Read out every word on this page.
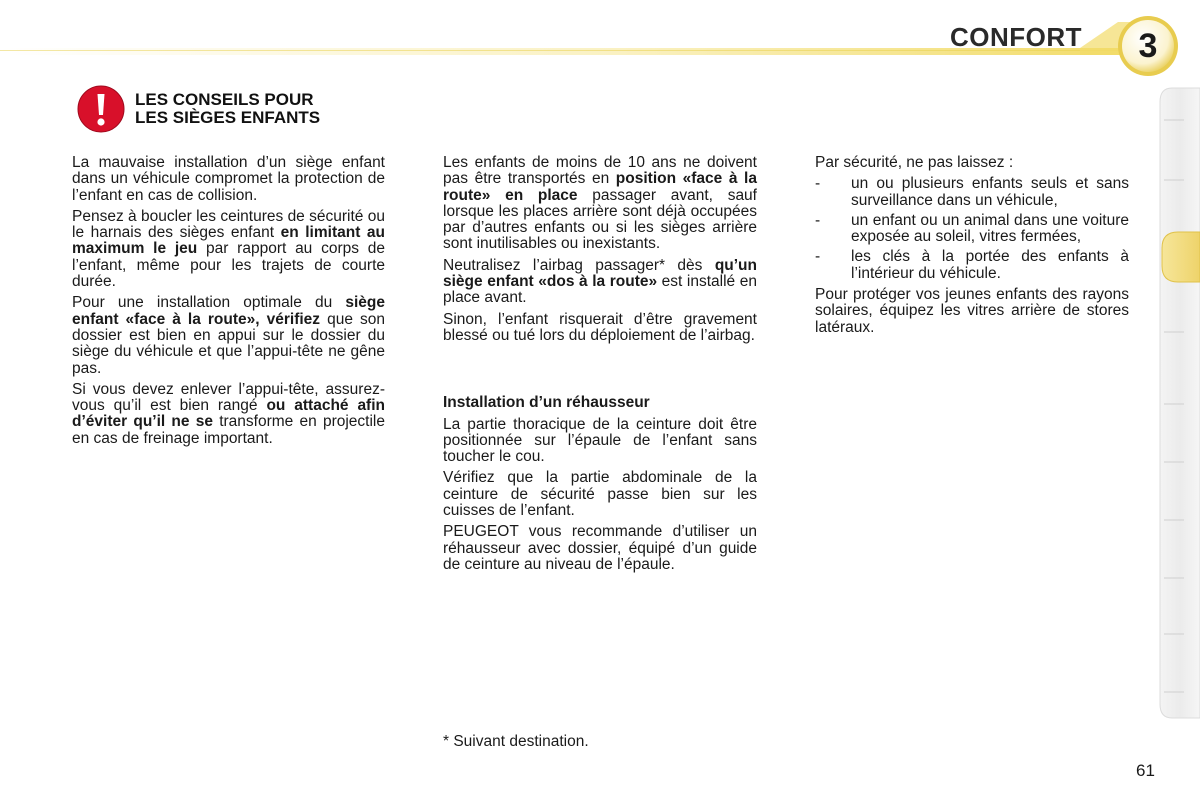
CONFORT	3
LES CONSEILS POUR
LES SIÈGES ENFANTS

La mauvaise installation d’un siège enfant dans un véhicule compromet la protection de l’enfant en cas de collision.

Pensez à boucler les ceintures de sécurité ou le harnais des sièges enfant en limitant au maximum le jeu par rapport au corps de l’enfant, même pour les trajets de courte durée.

Pour une installation optimale du siège enfant «face à la route», vérifiez que son dossier est bien en appui sur le dossier du siège du véhicule et que l’appui-tête ne gêne pas.

Si vous devez enlever l’appui-tête, assurez-vous qu’il est bien rangé ou attaché afin d’éviter qu’il ne se transforme en projectile en cas de freinage important.

Les enfants de moins de 10 ans ne doivent pas être transportés en position «face à la route» en place passager avant, sauf lorsque les places arrière sont déjà occupées par d’autres enfants ou si les sièges arrière sont inutilisables ou inexistants.

Neutralisez l’airbag passager* dès qu’un siège enfant «dos à la route» est installé en place avant.

Sinon, l’enfant risquerait d’être gravement blessé ou tué lors du déploiement de l’airbag.

Installation d’un réhausseur

La partie thoracique de la ceinture doit être positionnée sur l’épaule de l’enfant sans toucher le cou.

Vérifiez que la partie abdominale de la ceinture de sécurité passe bien sur les cuisses de l’enfant.

PEUGEOT vous recommande d’utiliser un réhausseur avec dossier, équipé d’un guide de ceinture au niveau de l’épaule.

Par sécurité, ne pas laissez :

- un ou plusieurs enfants seuls et sans surveillance dans un véhicule,
- un enfant ou un animal dans une voiture exposée au soleil, vitres fermées,
- les clés à la portée des enfants à l’intérieur du véhicule.

Pour protéger vos jeunes enfants des rayons solaires, équipez les vitres arrière de stores latéraux.

* Suivant destination.
61
